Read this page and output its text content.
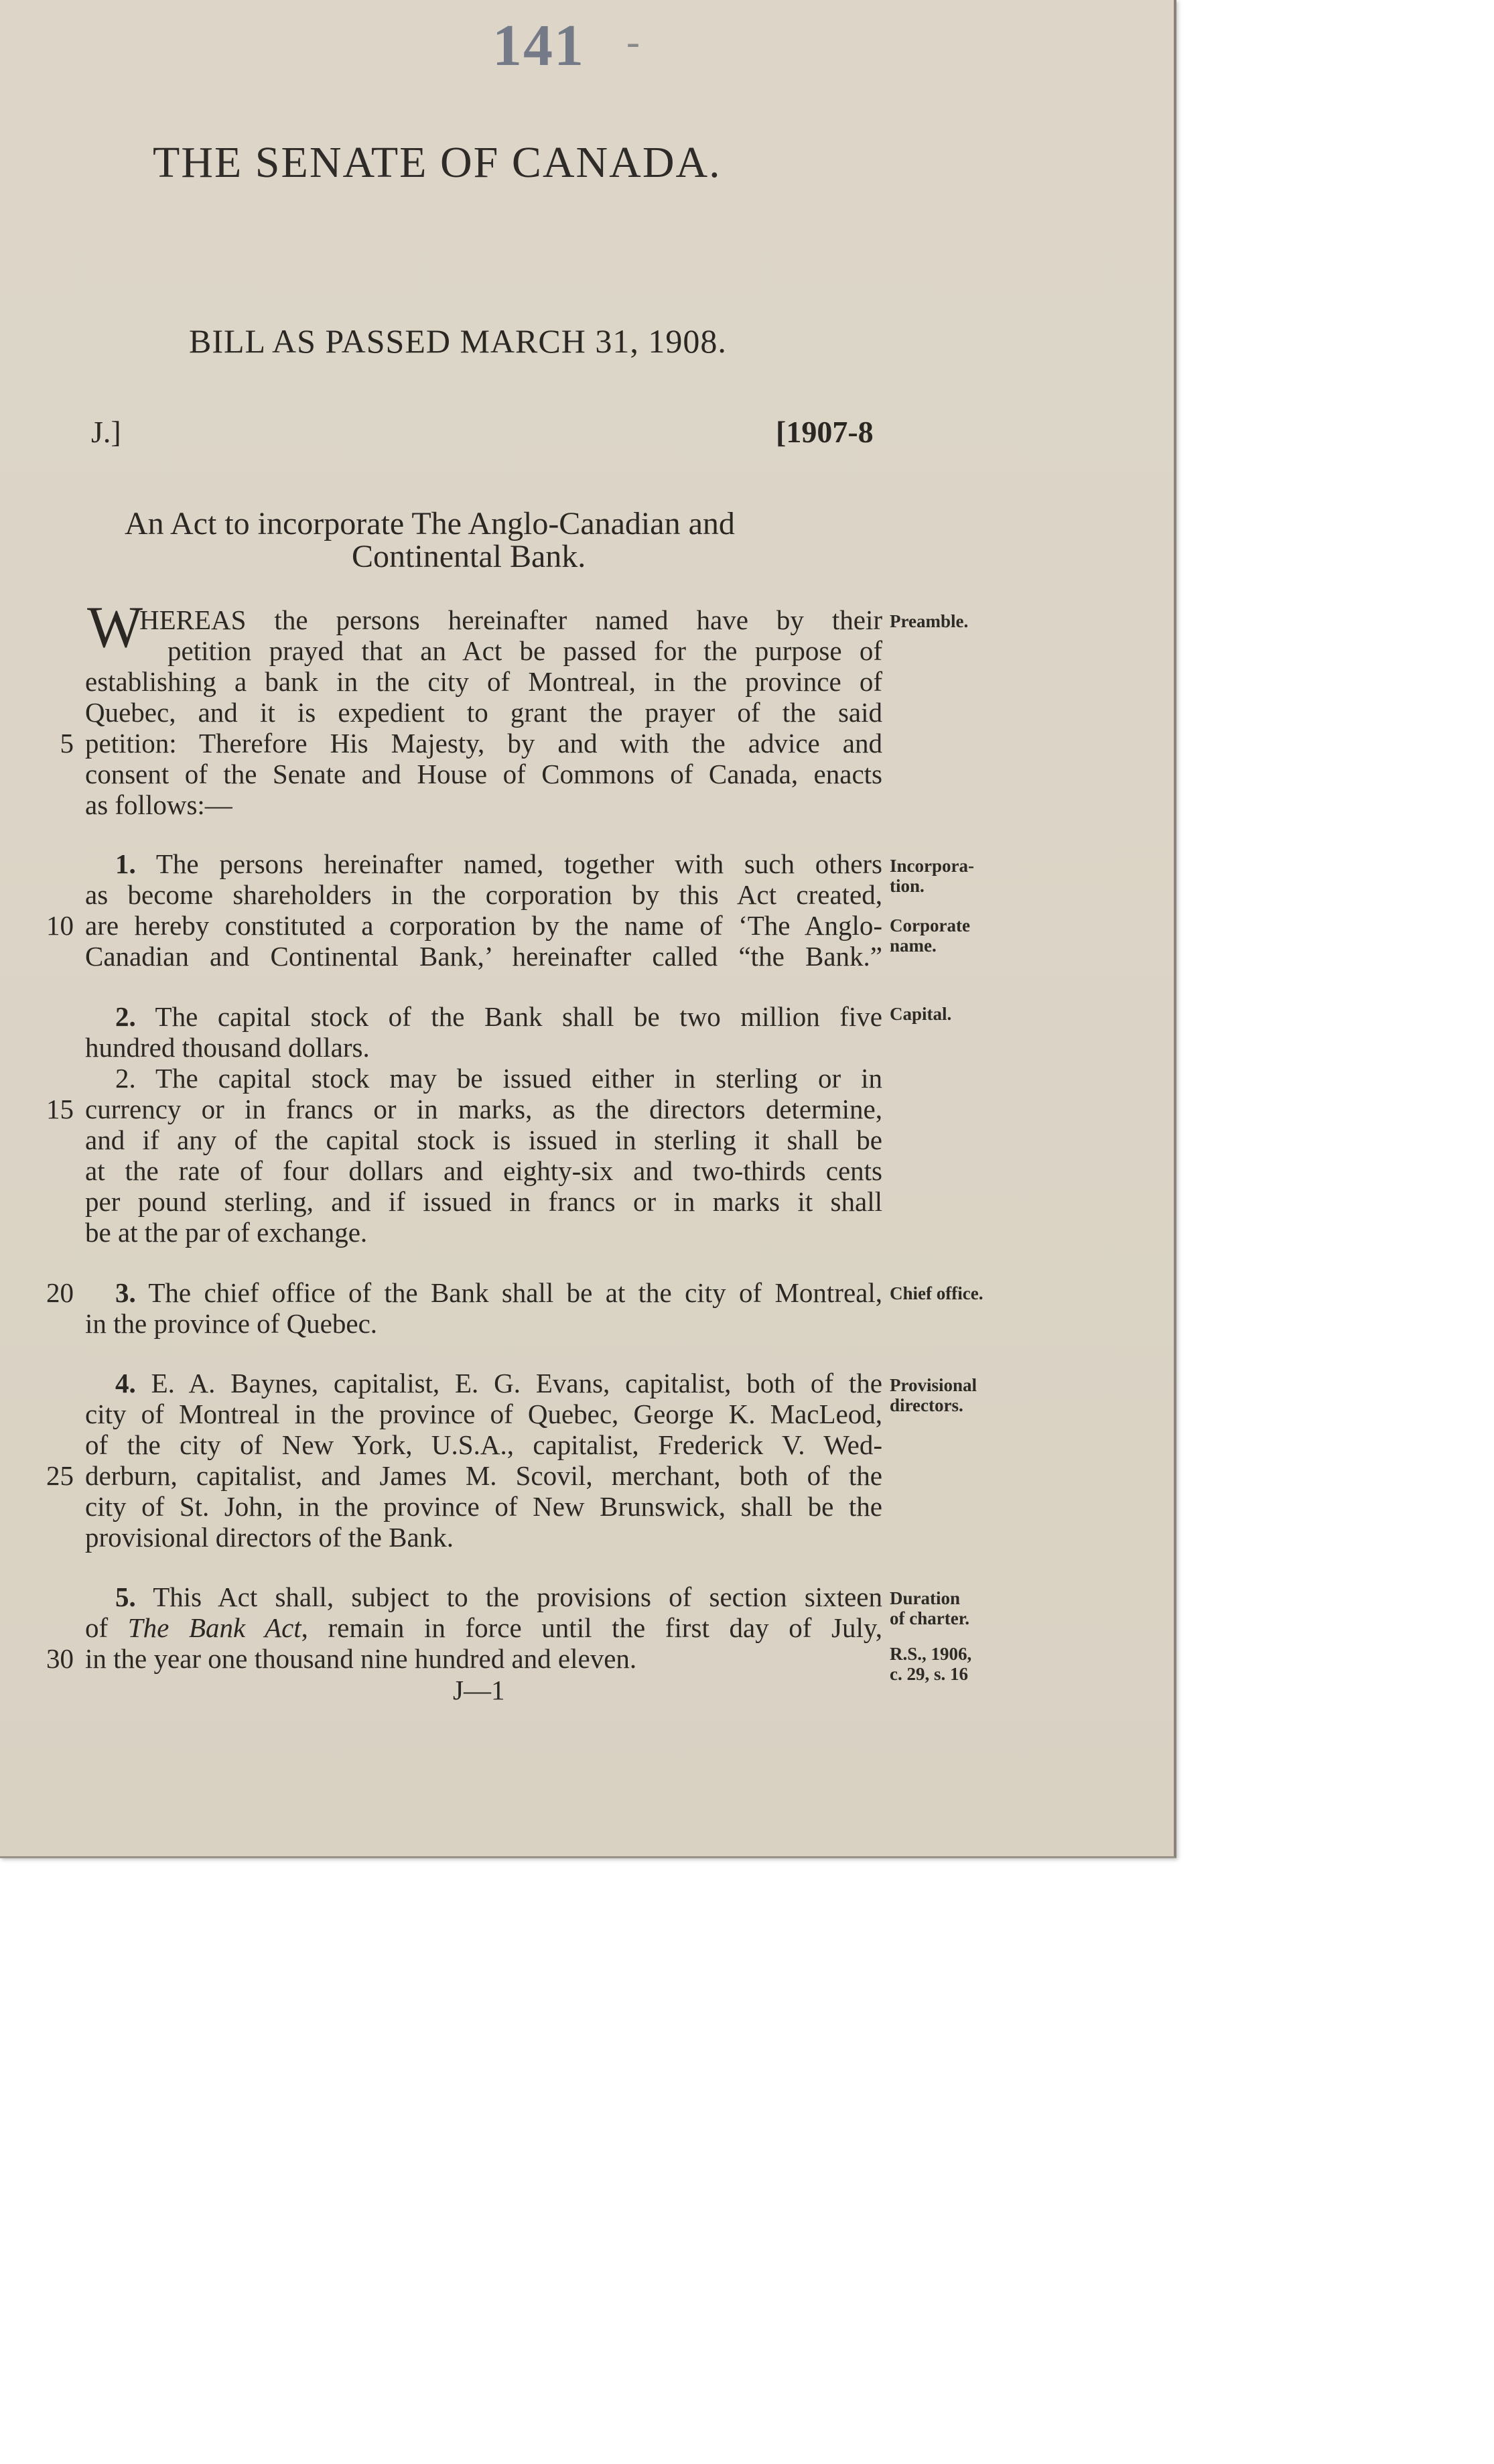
141 -
THE SENATE OF CANADA.
BILL AS PASSED MARCH 31, 1908.
J.]	[1907-8
An Act to incorporate The Anglo-Canadian and
Continental Bank.
W
HEREAS the persons hereinafter named have by their
petition prayed that an Act be passed for the purpose of
establishing a bank in the city of Montreal, in the province of
Quebec, and it is expedient to grant the prayer of the said
petition: Therefore His Majesty, by and with the advice and
consent of the Senate and House of Commons of Canada, enacts
as follows:—
1. The persons hereinafter named, together with such others
as become shareholders in the corporation by this Act created,
are hereby constituted a corporation by the name of ‘The Anglo-
Canadian and Continental Bank,’ hereinafter called “the Bank.”
2. The capital stock of the Bank shall be two million five
hundred thousand dollars.
2. The capital stock may be issued either in sterling or in
currency or in francs or in marks, as the directors determine,
and if any of the capital stock is issued in sterling it shall be
at the rate of four dollars and eighty-six and two-thirds cents
per pound sterling, and if issued in francs or in marks it shall
be at the par of exchange.
3. The chief office of the Bank shall be at the city of Montreal,
in the province of Quebec.
4. E. A. Baynes, capitalist, E. G. Evans, capitalist, both of the
city of Montreal in the province of Quebec, George K. MacLeod,
of the city of New York, U.S.A., capitalist, Frederick V. Wed-
derburn, capitalist, and James M. Scovil, merchant, both of the
city of St. John, in the province of New Brunswick, shall be the
provisional directors of the Bank.
5. This Act shall, subject to the provisions of section sixteen
of The Bank Act, remain in force until the first day of July,
in the year one thousand nine hundred and eleven.
5
10
15
20
25
30
Preamble.
Incorpora-
tion.
Corporate
name.
Capital.
Chief office.
Provisional
directors.
Duration
of charter.
R.S., 1906,
c. 29, s. 16
J—1
